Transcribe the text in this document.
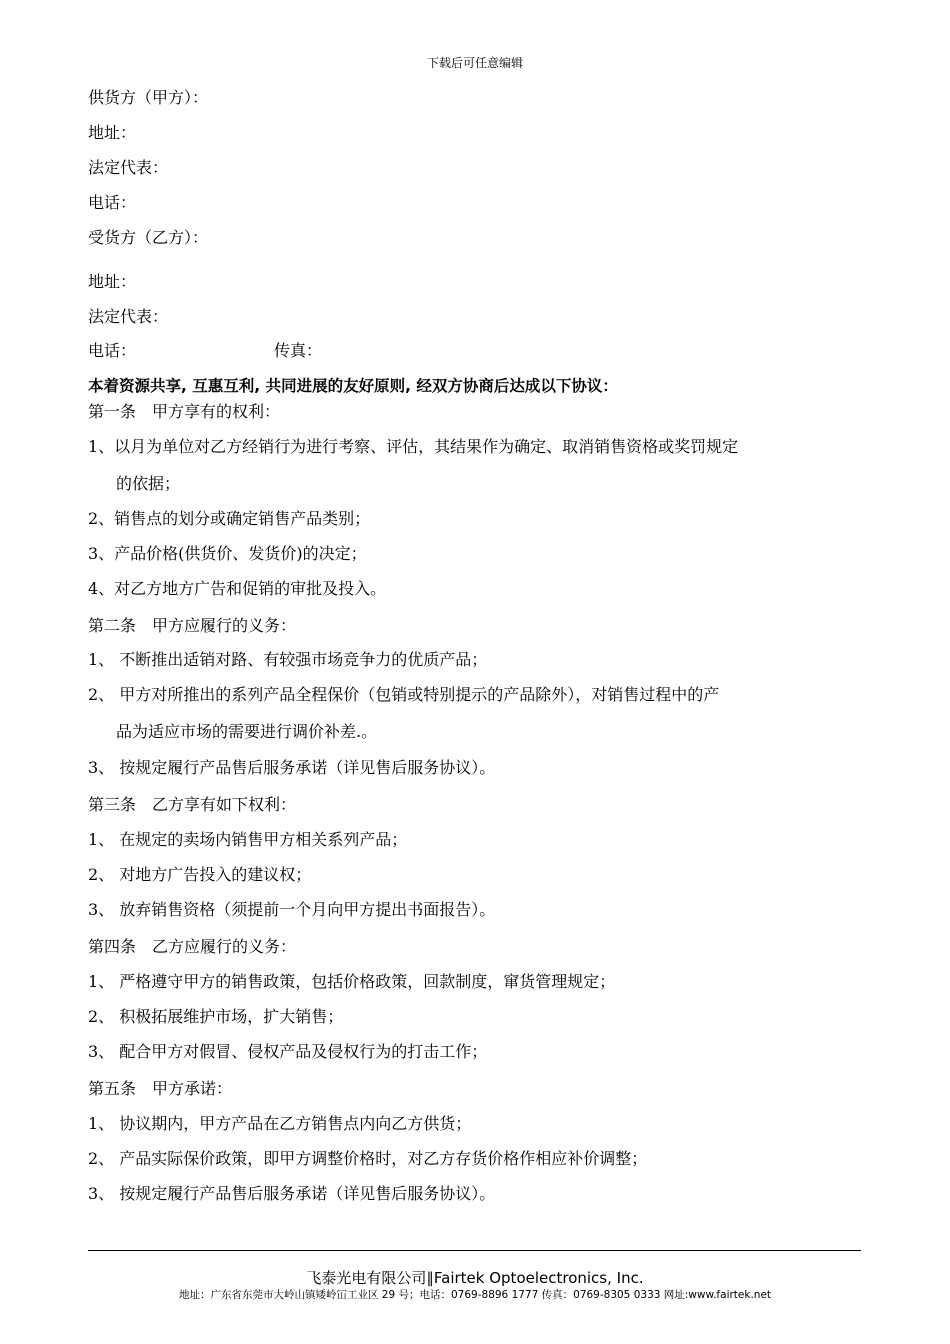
下载后可任意编辑
供货方（甲方）：
地址：
法定代表：
电话：
受货方（乙方）：
地址：
法定代表：
电话：	传真：
本着资源共享, 互惠互利, 共同进展的友好原则, 经双方协商后达成以下协议：
第一条　甲方享有的权利：
1、以月为单位对乙方经销行为进行考察、评估，其结果作为确定、取消销售资格或奖罚规定
的依据；
2、销售点的划分或确定销售产品类别；
3、产品价格(供货价、发货价)的决定；
4、对乙方地方广告和促销的审批及投入。
第二条　甲方应履行的义务：
1、 不断推出适销对路、有较强市场竞争力的优质产品；
2、 甲方对所推出的系列产品全程保价（包销或特别提示的产品除外），对销售过程中的产
品为适应市场的需要进行调价补差.。
3、 按规定履行产品售后服务承诺（详见售后服务协议）。
第三条　乙方享有如下权利：
1、 在规定的卖场内销售甲方相关系列产品；
2、 对地方广告投入的建议权；
3、 放弃销售资格（须提前一个月向甲方提出书面报告）。
第四条　乙方应履行的义务：
1、 严格遵守甲方的销售政策，包括价格政策，回款制度，窜货管理规定；
2、 积极拓展维护市场，扩大销售；
3、 配合甲方对假冒、侵权产品及侵权行为的打击工作；
第五条　甲方承诺：
1、 协议期内，甲方产品在乙方销售点内向乙方供货；
2、 产品实际保价政策，即甲方调整价格时，对乙方存货价格作相应补价调整；
3、 按规定履行产品售后服务承诺（详见售后服务协议）。
飞泰光电有限公司∥Fairtek Optoelectronics, Inc.
地址：广东省东莞市大岭山镇矮岭冚工业区 29 号；电话：0769-8896 1777 传真：0769-8305 0333 网址:www.fairtek.net
